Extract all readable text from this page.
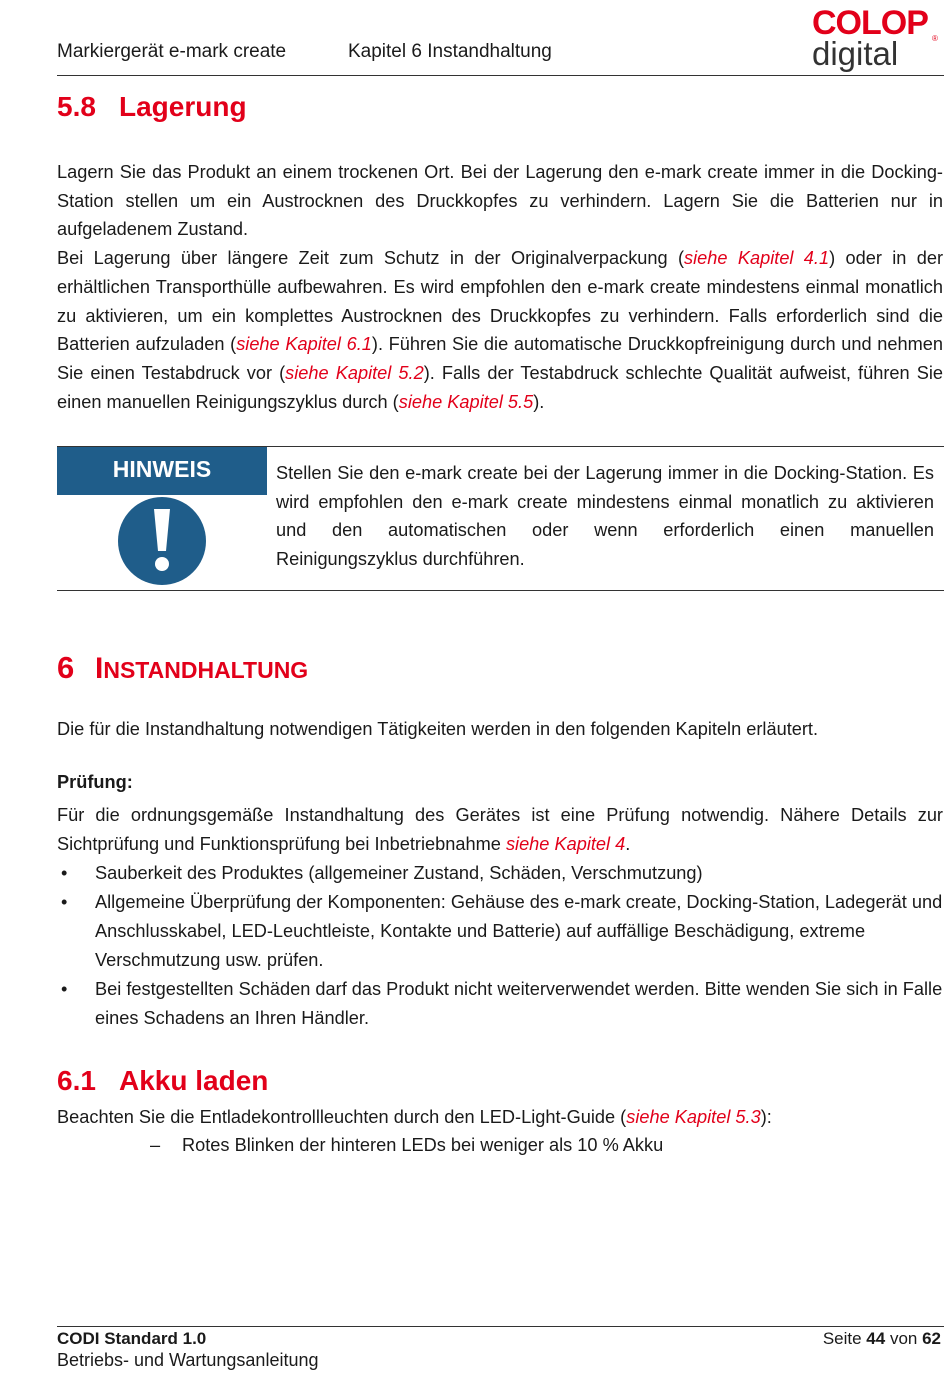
Markiergerät e-mark create	Kapitel 6 Instandhaltung
COLOP ®
digital
5.8 Lagerung

Lagern Sie das Produkt an einem trockenen Ort. Bei der Lagerung den e-mark create immer in die Docking-Station stellen um ein Austrocknen des Druckkopfes zu verhindern. Lagern Sie die Batterien nur in aufgeladenem Zustand.

Bei Lagerung über längere Zeit zum Schutz in der Originalverpackung (siehe Kapitel 4.1) oder in der erhältlichen Transporthülle aufbewahren. Es wird empfohlen den e-mark create mindestens einmal monatlich zu aktivieren, um ein komplettes Austrocknen des Druckkopfes zu verhindern. Falls erforderlich sind die Batterien aufzuladen (siehe Kapitel 6.1). Führen Sie die automatische Druckkopfreinigung durch und nehmen Sie einen Testabdruck vor (siehe Kapitel 5.2). Falls der Testabdruck schlechte Qualität aufweist, führen Sie einen manuellen Reinigungszyklus durch (siehe Kapitel 5.5).

HINWEIS	Stellen Sie den e-mark create bei der Lagerung immer in die Docking-Station. Es wird empfohlen den e-mark create mindestens einmal monatlich zu aktivieren und den automatischen oder wenn erforderlich einen manuellen Reinigungszyklus durchführen.
6 INSTANDHALTUNG
Die für die Instandhaltung notwendigen Tätigkeiten werden in den folgenden Kapiteln erläutert.
Prüfung:
Für die ordnungsgemäße Instandhaltung des Gerätes ist eine Prüfung notwendig. Nähere Details zur Sichtprüfung und Funktionsprüfung bei Inbetriebnahme siehe Kapitel 4.
• Sauberkeit des Produktes (allgemeiner Zustand, Schäden, Verschmutzung)
• Allgemeine Überprüfung der Komponenten: Gehäuse des e-mark create, Docking-Station, Ladegerät und Anschlusskabel, LED-Leuchtleiste, Kontakte und Batterie) auf auffällige Beschädigung, extreme Verschmutzung usw. prüfen.
• Bei festgestellten Schäden darf das Produkt nicht weiterverwendet werden. Bitte wenden Sie sich in Falle eines Schadens an Ihren Händler.
6.1 Akku laden
Beachten Sie die Entladekontrollleuchten durch den LED-Light-Guide (siehe Kapitel 5.3):
– Rotes Blinken der hinteren LEDs bei weniger als 10 % Akku
CODI Standard 1.0
Betriebs- und Wartungsanleitung
Seite 44 von 62
